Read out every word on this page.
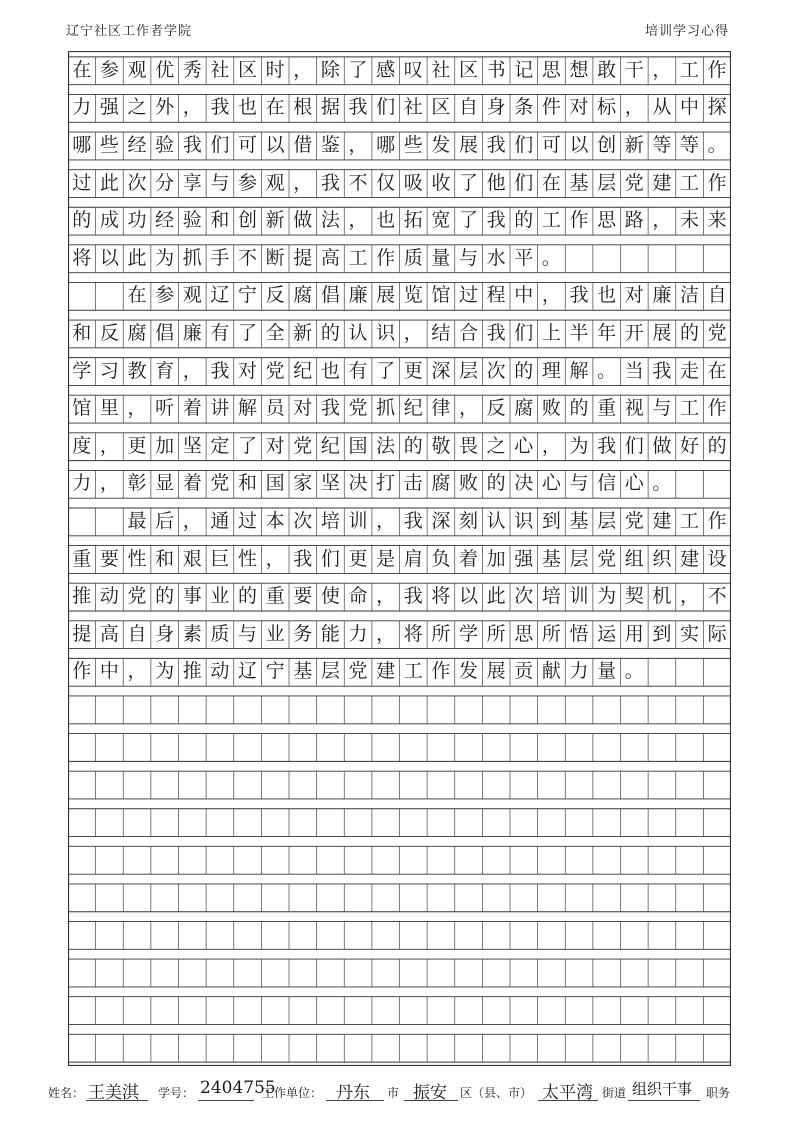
辽宁社区工作者学院	培训学习心得
在 参 观 优 秀 社 区 时 ， 除 了 感 叹 社 区 书 记 思 想 敢 干 ， 工 作
力 强 之 外 ， 我 也 在 根 据 我 们 社 区 自 身 条 件 对 标 ， 从 中 探
哪 些 经 验 我 们 可 以 借 鉴 ， 哪 些 发 展 我 们 可 以 创 新 等 等 。
过 此 次 分 享 与 参 观 ， 我 不 仅 吸 收 了 他 们 在 基 层 党 建 工 作
的 成 功 经 验 和 创 新 做 法 ， 也 拓 宽 了 我 的 工 作 思 路 ， 未 来
将 以 此 为 抓 手 不 断 提 高 工 作 质 量 与 水 平 。
在 参 观 辽 宁 反 腐 倡 廉 展 览 馆 过 程 中 ， 我 也 对 廉 洁 自
和 反 腐 倡 廉 有 了 全 新 的 认 识 ， 结 合 我 们 上 半 年 开 展 的 党
学 习 教 育 ， 我 对 党 纪 也 有 了 更 深 层 次 的 理 解 。 当 我 走 在
馆 里 ， 听 着 讲 解 员 对 我 党 抓 纪 律 ， 反 腐 败 的 重 视 与 工 作
度 ， 更 加 坚 定 了 对 党 纪 国 法 的 敬 畏 之 心 ， 为 我 们 做 好 的
力 ， 彰 显 着 党 和 国 家 坚 决 打 击 腐 败 的 决 心 与 信 心 。
最 后 ， 通 过 本 次 培 训 ， 我 深 刻 认 识 到 基 层 党 建 工 作
重 要 性 和 艰 巨 性 ， 我 们 更 是 肩 负 着 加 强 基 层 党 组 织 建 设
推 动 党 的 事 业 的 重 要 使 命 ， 我 将 以 此 次 培 训 为 契 机 ， 不
提 高 自 身 素 质 与 业 务 能 力 ， 将 所 学 所 思 所 悟 运 用 到 实 际
作 中 ， 为 推 动 辽 宁 基 层 党 建 工 作 发 展 贡 献 力 量 。
姓名： 王美淇 学号： 2404755
工作单位： 丹东 市 振安 区（县、市） 太平湾 街道 组织干事 职务
